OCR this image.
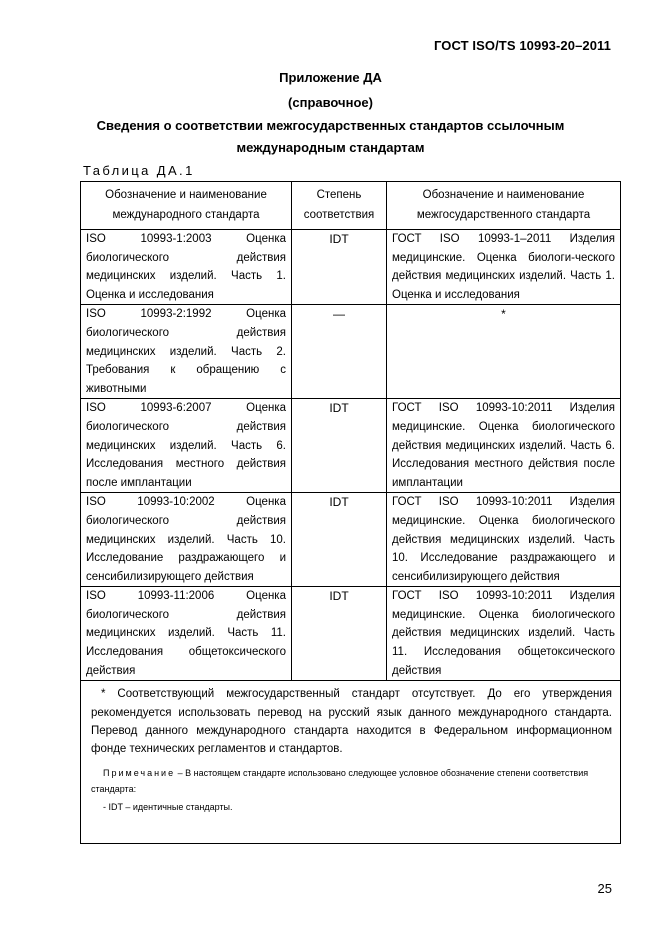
ГОСТ ISO/TS 10993-20–2011
Приложение ДА
(справочное)
Сведения о соответствии межгосударственных стандартов ссылочным
международным стандартам
Таблица ДА.1
Обозначение и наименование международного стандарта	Степень соответствия	Обозначение и наименование межгосударственного стандарта
ISO 10993-1:2003 Оценка биологического действия медицинских изделий. Часть 1. Оценка и исследования	IDT	ГОСТ ISO 10993-1–2011 Изделия медицинские. Оценка биологи-ческого действия медицинских изделий. Часть 1. Оценка и исследования
ISO 10993-2:1992 Оценка биологического действия медицинских изделий. Часть 2. Требования к обращению с животными	—	*
ISO 10993-6:2007 Оценка биологического действия медицинских изделий. Часть 6. Исследования местного действия после имплантации	IDT	ГОСТ ISO 10993-10:2011 Изделия медицинские. Оценка биологического действия медицинских изделий. Часть 6. Исследования местного действия после имплантации
ISO 10993-10:2002 Оценка биологического действия медицинских изделий. Часть 10. Исследование раздражающего и сенсибилизирующего действия	IDT	ГОСТ ISO 10993-10:2011 Изделия медицинские. Оценка биологического действия медицинских изделий. Часть 10. Исследование раздражающего и сенсибилизирующего действия
ISO 10993-11:2006 Оценка биологического действия медицинских изделий. Часть 11. Исследования общетоксического действия	IDT	ГОСТ ISO 10993-10:2011 Изделия медицинские. Оценка биологического действия медицинских изделий. Часть 11. Исследования общетоксического действия

* Соответствующий межгосударственный стандарт отсутствует. До его утверждения рекомендуется использовать перевод на русский язык данного международного стандарта. Перевод данного международного стандарта находится в Федеральном информационном фонде технических регламентов и стандартов.

Примечание – В настоящем стандарте использовано следующее условное обозначение степени соответствия стандарта:

- IDT – идентичные стандарты.		

25
